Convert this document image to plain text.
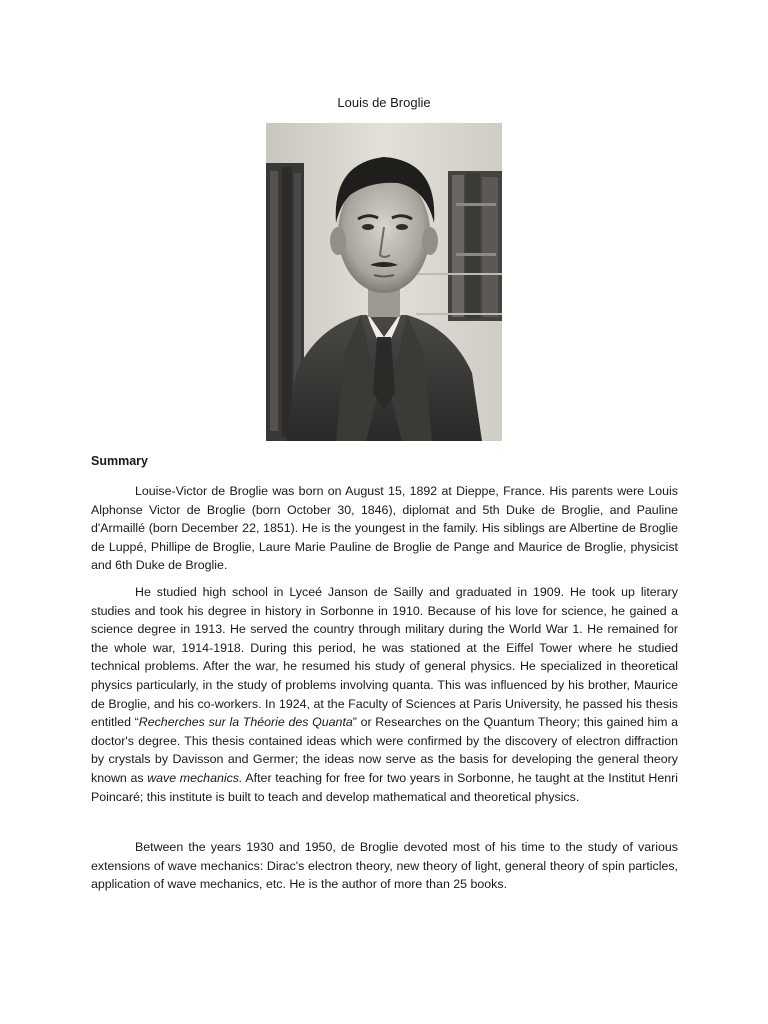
Louis de Broglie
Summary

Louise-Victor de Broglie was born on August 15, 1892 at Dieppe, France. His parents were Louis Alphonse Victor de Broglie (born October 30, 1846), diplomat and 5th Duke de Broglie, and Pauline d'Armaillé (born December 22, 1851). He is the youngest in the family. His siblings are Albertine de Broglie de Luppé, Phillipe de Broglie, Laure Marie Pauline de Broglie de Pange and Maurice de Broglie, physicist and 6th Duke de Broglie.

He studied high school in Lyceé Janson de Sailly and graduated in 1909. He took up literary studies and took his degree in history in Sorbonne in 1910. Because of his love for science, he gained a science degree in 1913. He served the country through military during the World War 1. He remained for the whole war, 1914-1918. During this period, he was stationed at the Eiffel Tower where he studied technical problems. After the war, he resumed his study of general physics. He specialized in theoretical physics particularly, in the study of problems involving quanta. This was influenced by his brother, Maurice de Broglie, and his co-workers. In 1924, at the Faculty of Sciences at Paris University, he passed his thesis entitled “Recherches sur la Théorie des Quanta” or Researches on the Quantum Theory; this gained him a doctor's degree. This thesis contained ideas which were confirmed by the discovery of electron diffraction by crystals by Davisson and Germer; the ideas now serve as the basis for developing the general theory known as wave mechanics. After teaching for free for two years in Sorbonne, he taught at the Institut Henri Poincaré; this institute is built to teach and develop mathematical and theoretical physics.

Between the years 1930 and 1950, de Broglie devoted most of his time to the study of various extensions of wave mechanics: Dirac's electron theory, new theory of light, general theory of spin particles, application of wave mechanics, etc. He is the author of more than 25 books.
